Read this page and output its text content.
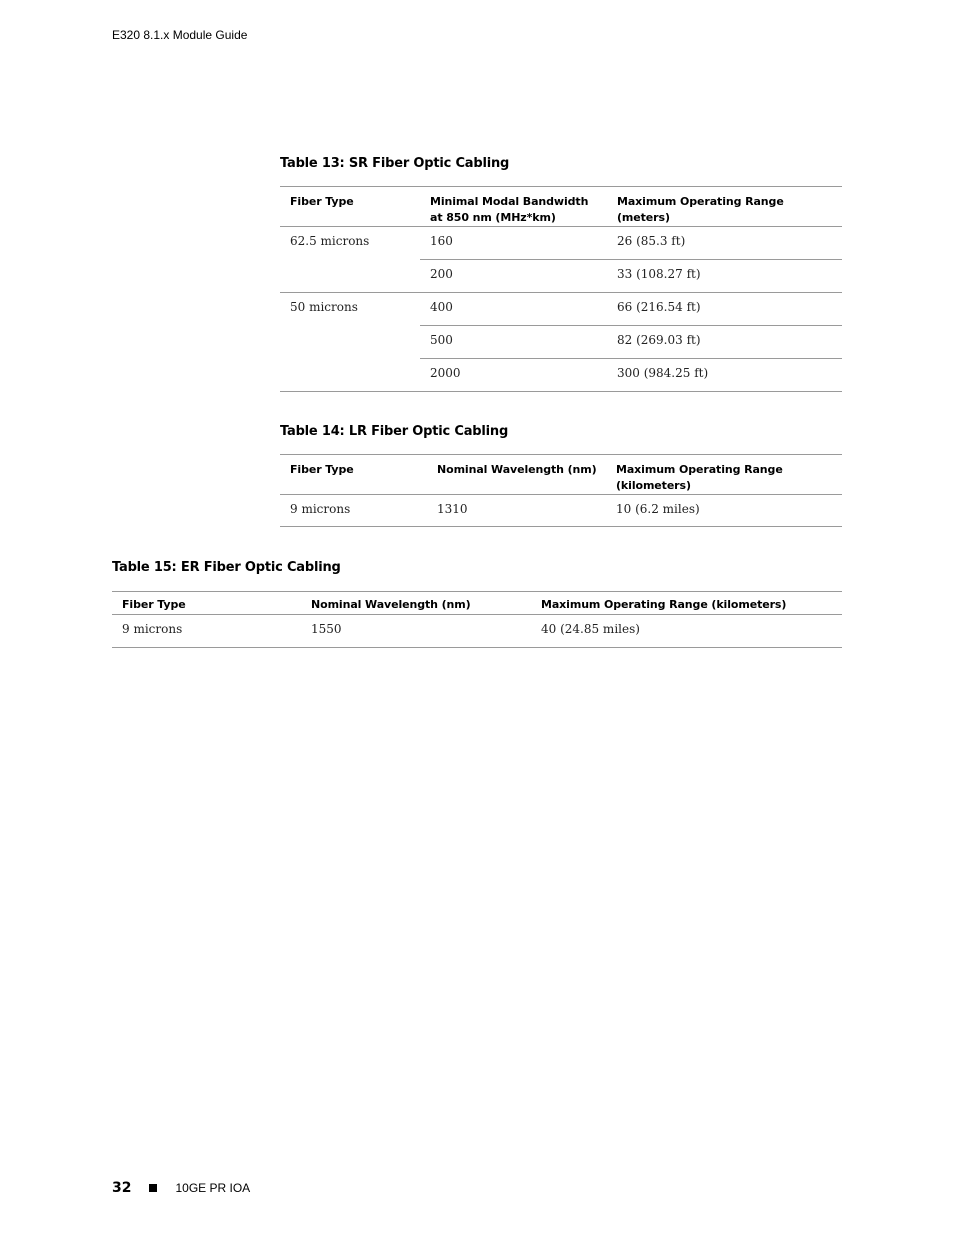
E320 8.1.x Module Guide
Table 13: SR Fiber Optic Cabling
Fiber Type	Minimal Modal Bandwidth at 850 nm (MHz*km)	Maximum Operating Range (meters)
62.5 microns	160	26 (85.3 ft)
	200	33 (108.27 ft)
50 microns	400	66 (216.54 ft)
	500	82 (269.03 ft)
	2000	300 (984.25 ft)
Table 14: LR Fiber Optic Cabling
Fiber Type	Nominal Wavelength (nm)	Maximum Operating Range (kilometers)
9 microns	1310	10 (6.2 miles)
Table 15: ER Fiber Optic Cabling
Fiber Type	Nominal Wavelength (nm)	Maximum Operating Range (kilometers)
9 microns	1550	40 (24.85 miles)
32	10GE PR IOA
